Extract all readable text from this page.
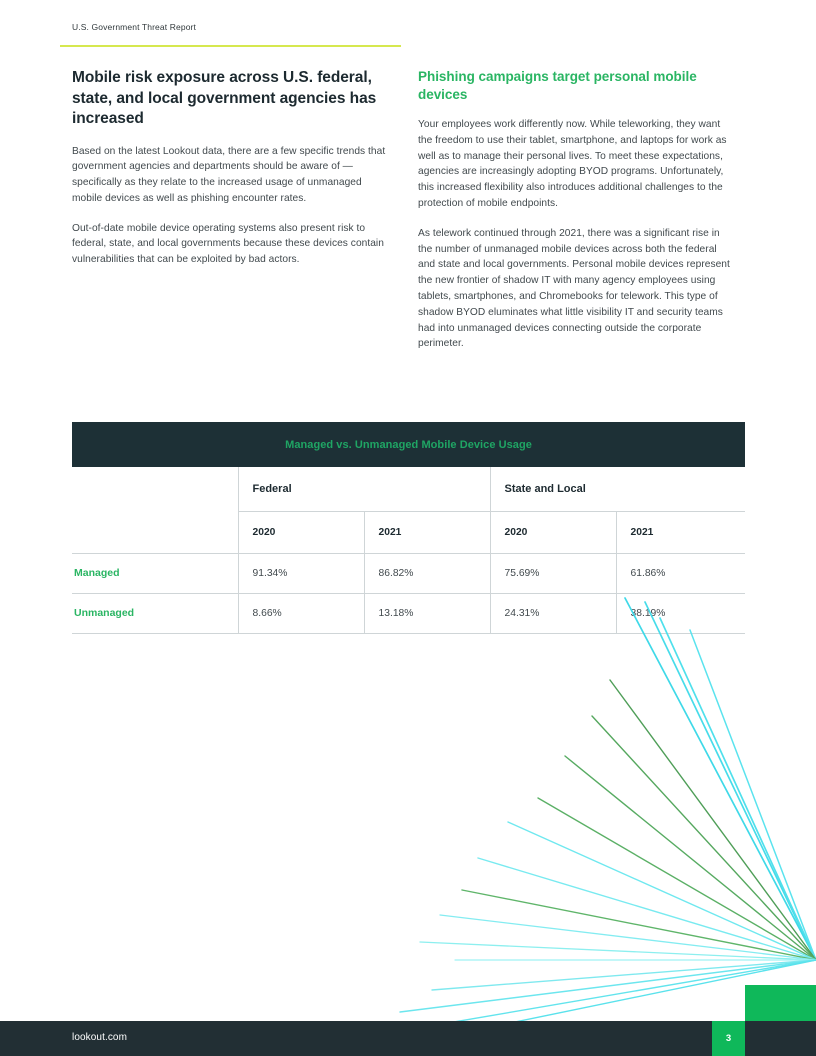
U.S. Government Threat Report
Mobile risk exposure across U.S. federal, state, and local government agencies has increased

Based on the latest Lookout data, there are a few specific trends that government agencies and departments should be aware of — specifically as they relate to the increased usage of unmanaged mobile devices as well as phishing encounter rates.

Out-of-date mobile device operating systems also present risk to federal, state, and local governments because these devices contain vulnerabilities that can be exploited by bad actors.

Phishing campaigns target personal mobile devices

Your employees work differently now. While teleworking, they want the freedom to use their tablet, smartphone, and laptops for work as well as to manage their personal lives. To meet these expectations, agencies are increasingly adopting BYOD programs. Unfortunately, this increased flexibility also introduces additional challenges to the protection of mobile endpoints.

As telework continued through 2021, there was a significant rise in the number of unmanaged mobile devices across both the federal and state and local governments. Personal mobile devices represent the new frontier of shadow IT with many agency employees using tablets, smartphones, and Chromebooks for telework. This type of shadow BYOD eluminates what little visibility IT and security teams had into unmanaged devices connecting outside the corporate perimeter.

Managed vs. Unmanaged Mobile Device Usage				
	Federal		State and Local	
	2020	2021	2020	2021
Managed	91.34%	86.82%	75.69%	61.86%
Unmanaged	8.66%	13.18%	24.31%	38.19%
lookout.com	3
